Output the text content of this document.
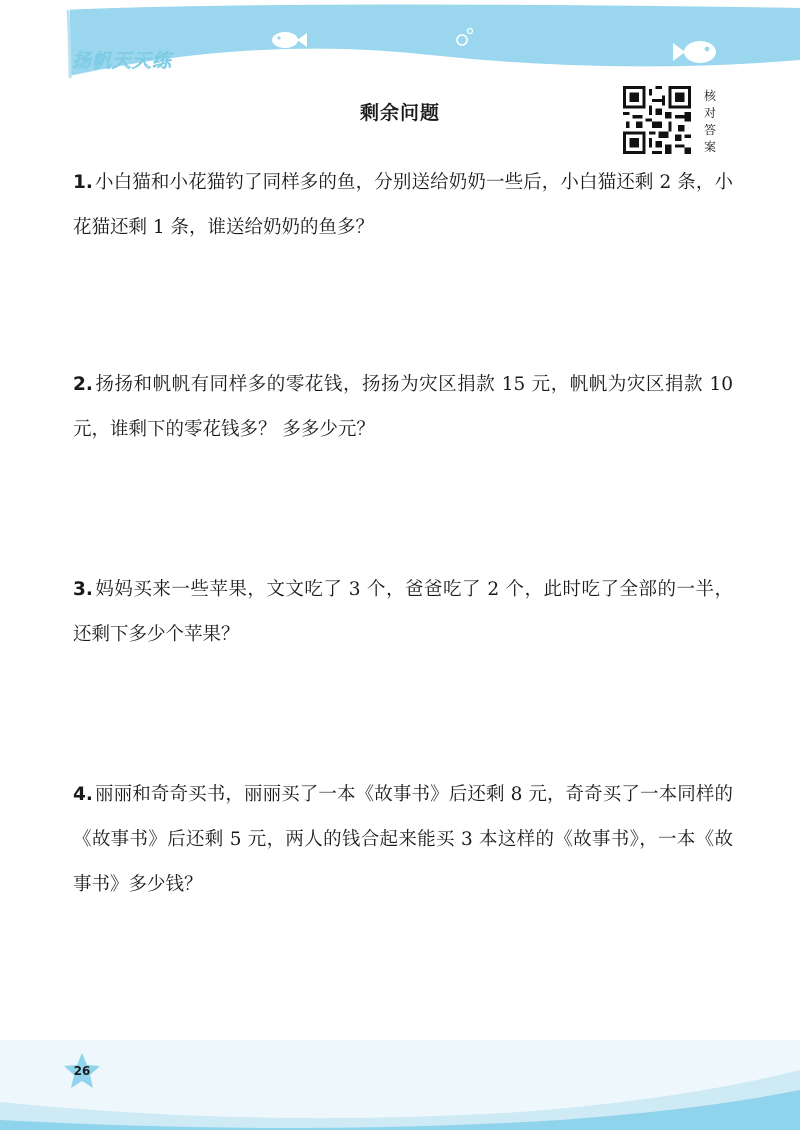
扬帆天天练
剩余问题
核
对
答
案
1. 小白猫和小花猫钓了同样多的鱼，分别送给奶奶一些后，小白猫还剩 2 条，小花猫还剩 1 条，谁送给奶奶的鱼多？
2. 扬扬和帆帆有同样多的零花钱，扬扬为灾区捐款 15 元，帆帆为灾区捐款 10 元，谁剩下的零花钱多？ 多多少元？
3. 妈妈买来一些苹果，文文吃了 3 个，爸爸吃了 2 个，此时吃了全部的一半，还剩下多少个苹果？
4. 丽丽和奇奇买书，丽丽买了一本《故事书》后还剩 8 元，奇奇买了一本同样的《故事书》后还剩 5 元，两人的钱合起来能买 3 本这样的《故事书》，一本《故事书》多少钱？
26
